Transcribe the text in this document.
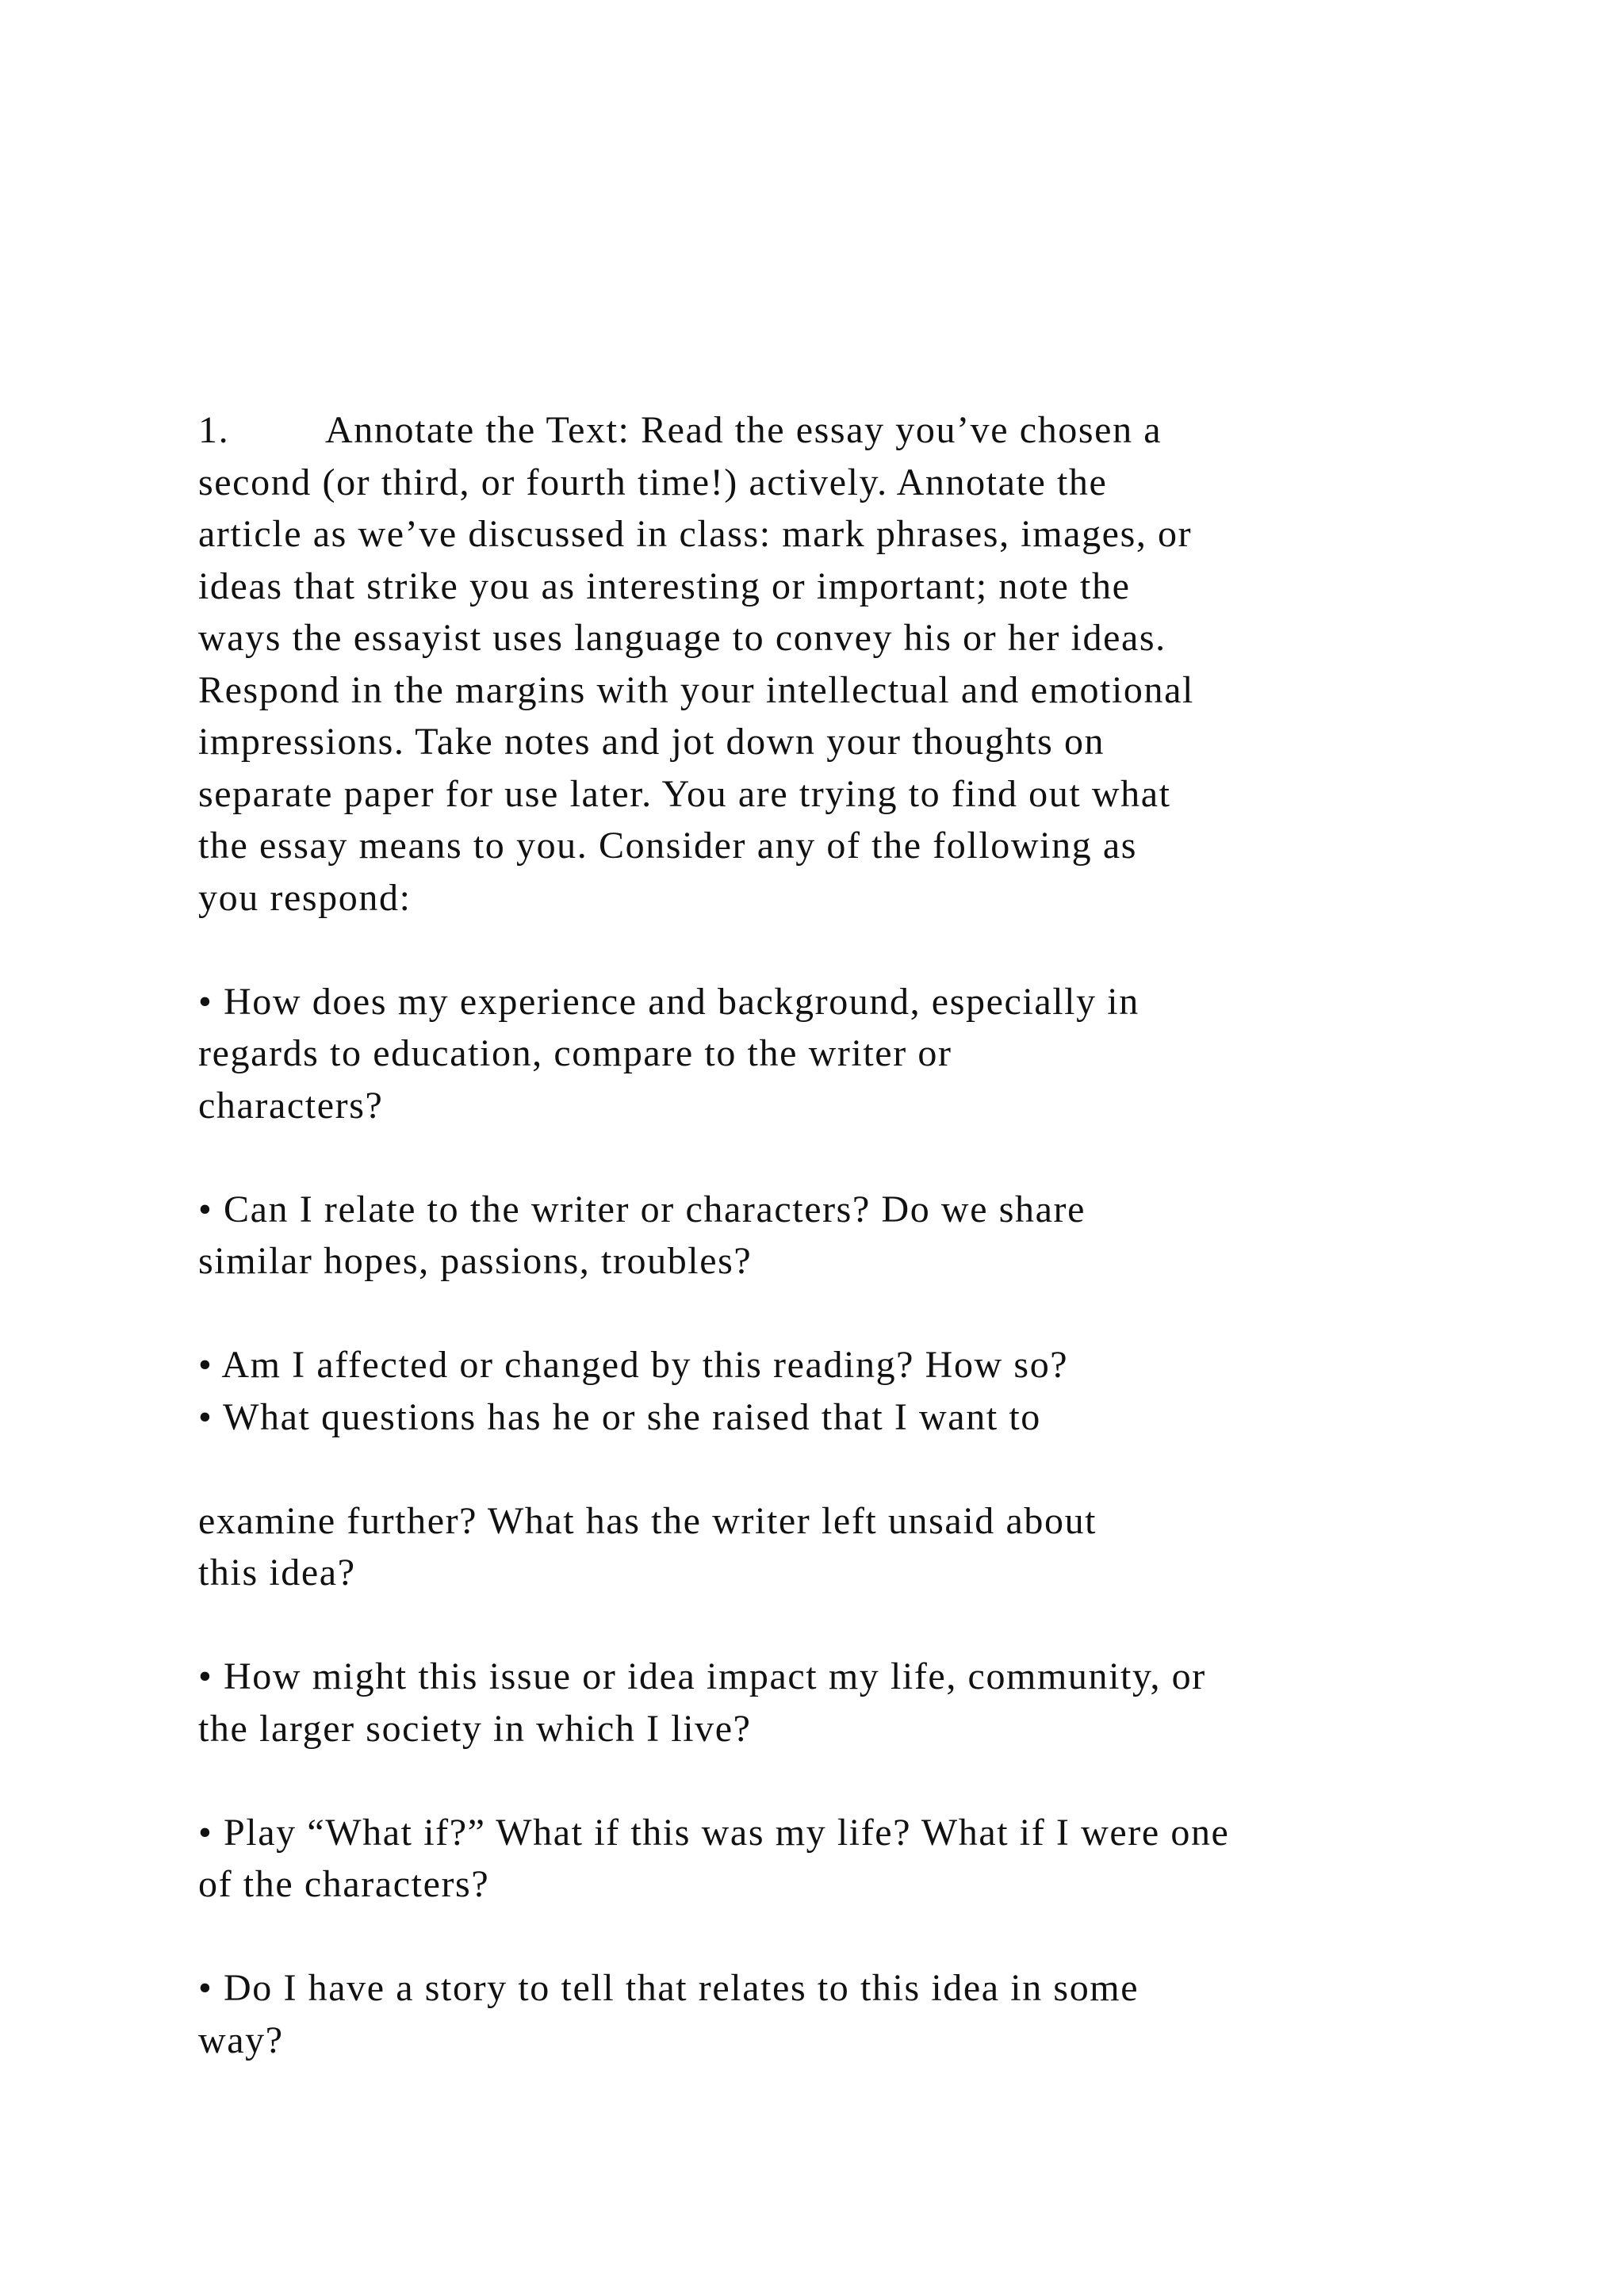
1.	Annotate the Text: Read the essay you’ve chosen a
second (or third, or fourth time!) actively. Annotate the
article as we’ve discussed in class: mark phrases, images, or
ideas that strike you as interesting or important; note the
ways the essayist uses language to convey his or her ideas.
Respond in the margins with your intellectual and emotional
impressions. Take notes and jot down your thoughts on
separate paper for use later. You are trying to find out what
the essay means to you. Consider any of the following as
you respond:
• How does my experience and background, especially in
regards to education, compare to the writer or
characters?
• Can I relate to the writer or characters? Do we share
similar hopes, passions, troubles?
• Am I affected or changed by this reading? How so?
• What questions has he or she raised that I want to
examine further? What has the writer left unsaid about
this idea?
• How might this issue or idea impact my life, community, or
the larger society in which I live?
• Play “What if?” What if this was my life? What if I were one
of the characters?
• Do I have a story to tell that relates to this idea in some
way?
